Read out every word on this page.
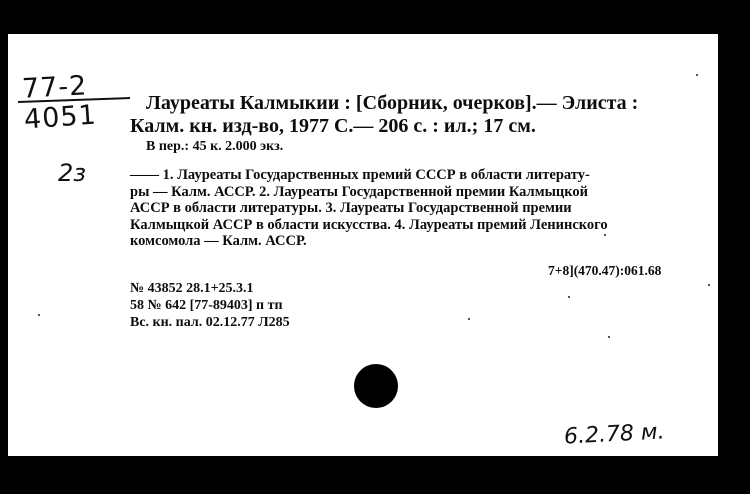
77-2
4051
2з
Лауреаты Калмыкии : [Сборник, очерков].— Элиста :
Калм. кн. изд-во, 1977 С.— 206 с. : ил.; 17 см.
В пер.: 45 к. 2.000 экз.
—— 1. Лауреаты Государственных премий СССР в области литерату-
ры — Калм. АССР. 2. Лауреаты Государственной премии Калмыцкой
АССР в области литературы. 3. Лауреаты Государственной премии
Калмыцкой АССР в области искусства. 4. Лауреаты премий Ленинского
комсомола — Калм. АССР.
7+8](470.47):061.68
№ 43852 28.1+25.3.1
58 № 642 [77-89403] п тп
Вс. кн. пал. 02.12.77 Л285
6.2.78 м.
